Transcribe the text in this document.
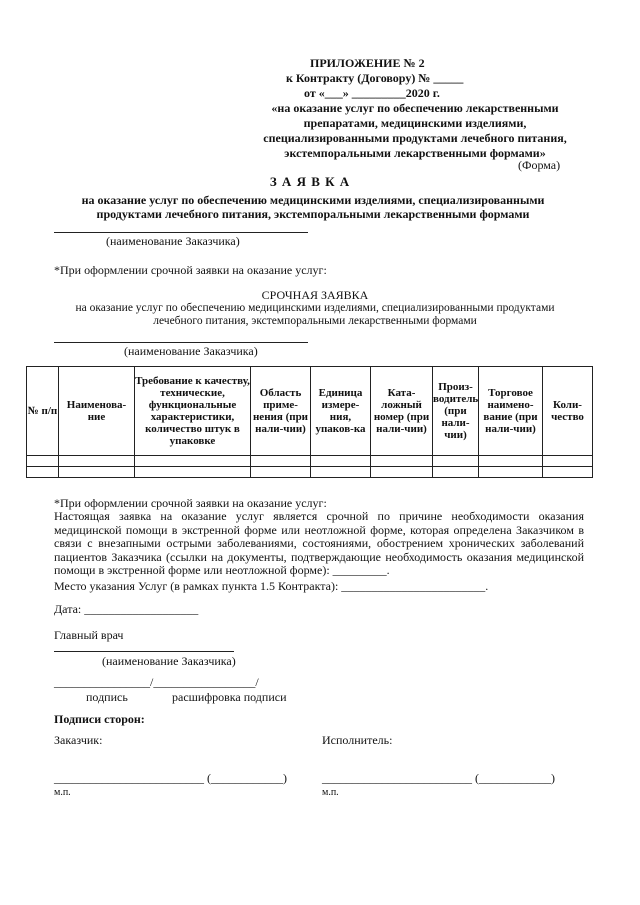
ПРИЛОЖЕНИЕ № 2
к Контракту (Договору) № _____
от «___» _________2020 г.
«на оказание услуг по обеспечению лекарственными
препаратами, медицинскими изделиями,
специализированными продуктами лечебного питания,
экстемпоральными лекарственными формами»
(Форма)
З А Я В К А
на оказание услуг по обеспечению медицинскими изделиями, специализированными
продуктами лечебного питания, экстемпоральными лекарственными формами
(наименование Заказчика)
*При оформлении срочной заявки на оказание услуг:
СРОЧНАЯ ЗАЯВКА
на оказание услуг по обеспечению медицинскими изделиями, специализированными продуктами
лечебного питания, экстемпоральными лекарственными формами
(наименование Заказчика)
№ п/п	Наименова-ние	Требование к качеству, технические, функциональные характеристики, количество штук в упаковке	Область приме-нения (при нали-чии)	Единица измере-ния, упаков-ка	Ката-ложный номер (при нали-чии)	Произ-водитель (при нали-чии)	Торговое наимено-вание (при нали-чии)	Коли-чество

*При оформлении срочной заявки на оказание услуг:
Настоящая заявка на оказание услуг является срочной по причине необходимости оказания медицинской помощи в экстренной форме или неотложной форме, которая определена Заказчиком в связи с внезапными острыми заболеваниями, состояниями, обострением хронических заболеваний пациентов Заказчика (ссылки на документы, подтверждающие необходимость оказания медицинской помощи в экстренной форме или неотложной форме): _________.
Место указания Услуг (в рамках пункта 1.5 Контракта): ________________________.
Дата: ___________________
Главный врач
(наименование Заказчика)
________________/_________________/
подпись	расшифровка подписи
Подписи сторон:
Заказчик:	Исполнитель:
_________________________ (____________)	_________________________ (____________)
м.п.	м.п.
